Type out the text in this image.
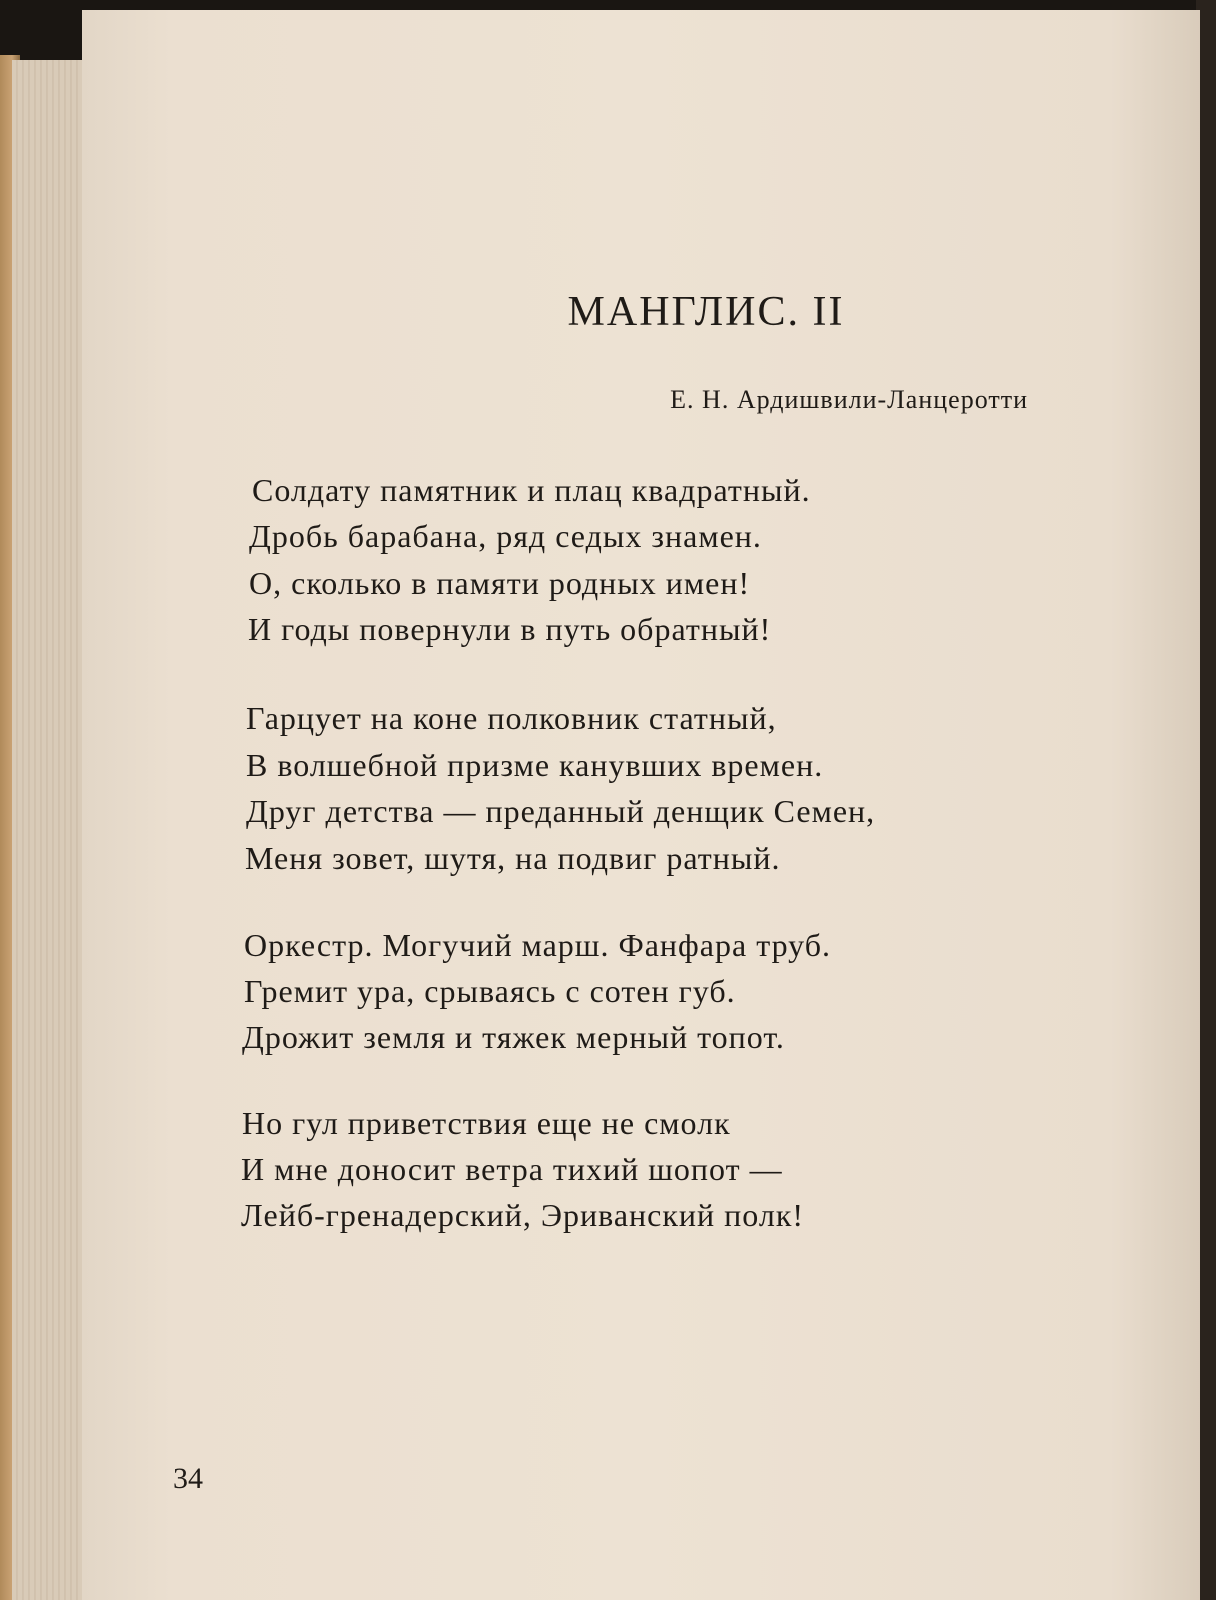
МАНГЛИС. II
Е. Н. Ардишвили-Ланцеротти
Солдату памятник и плац квадратный.
Дробь барабана, ряд седых знамен.
О, сколько в памяти родных имен!
И годы повернули в путь обратный!
Гарцует на коне полковник статный,
В волшебной призме канувших времен.
Друг детства — преданный денщик Семен,
Меня зовет, шутя, на подвиг ратный.
Оркестр. Могучий марш. Фанфара труб.
Гремит ура, срываясь с сотен губ.
Дрожит земля и тяжек мерный топот.
Но гул приветствия еще не смолк
И мне доносит ветра тихий шопот —
Лейб-гренадерский, Эриванский полк!
34
